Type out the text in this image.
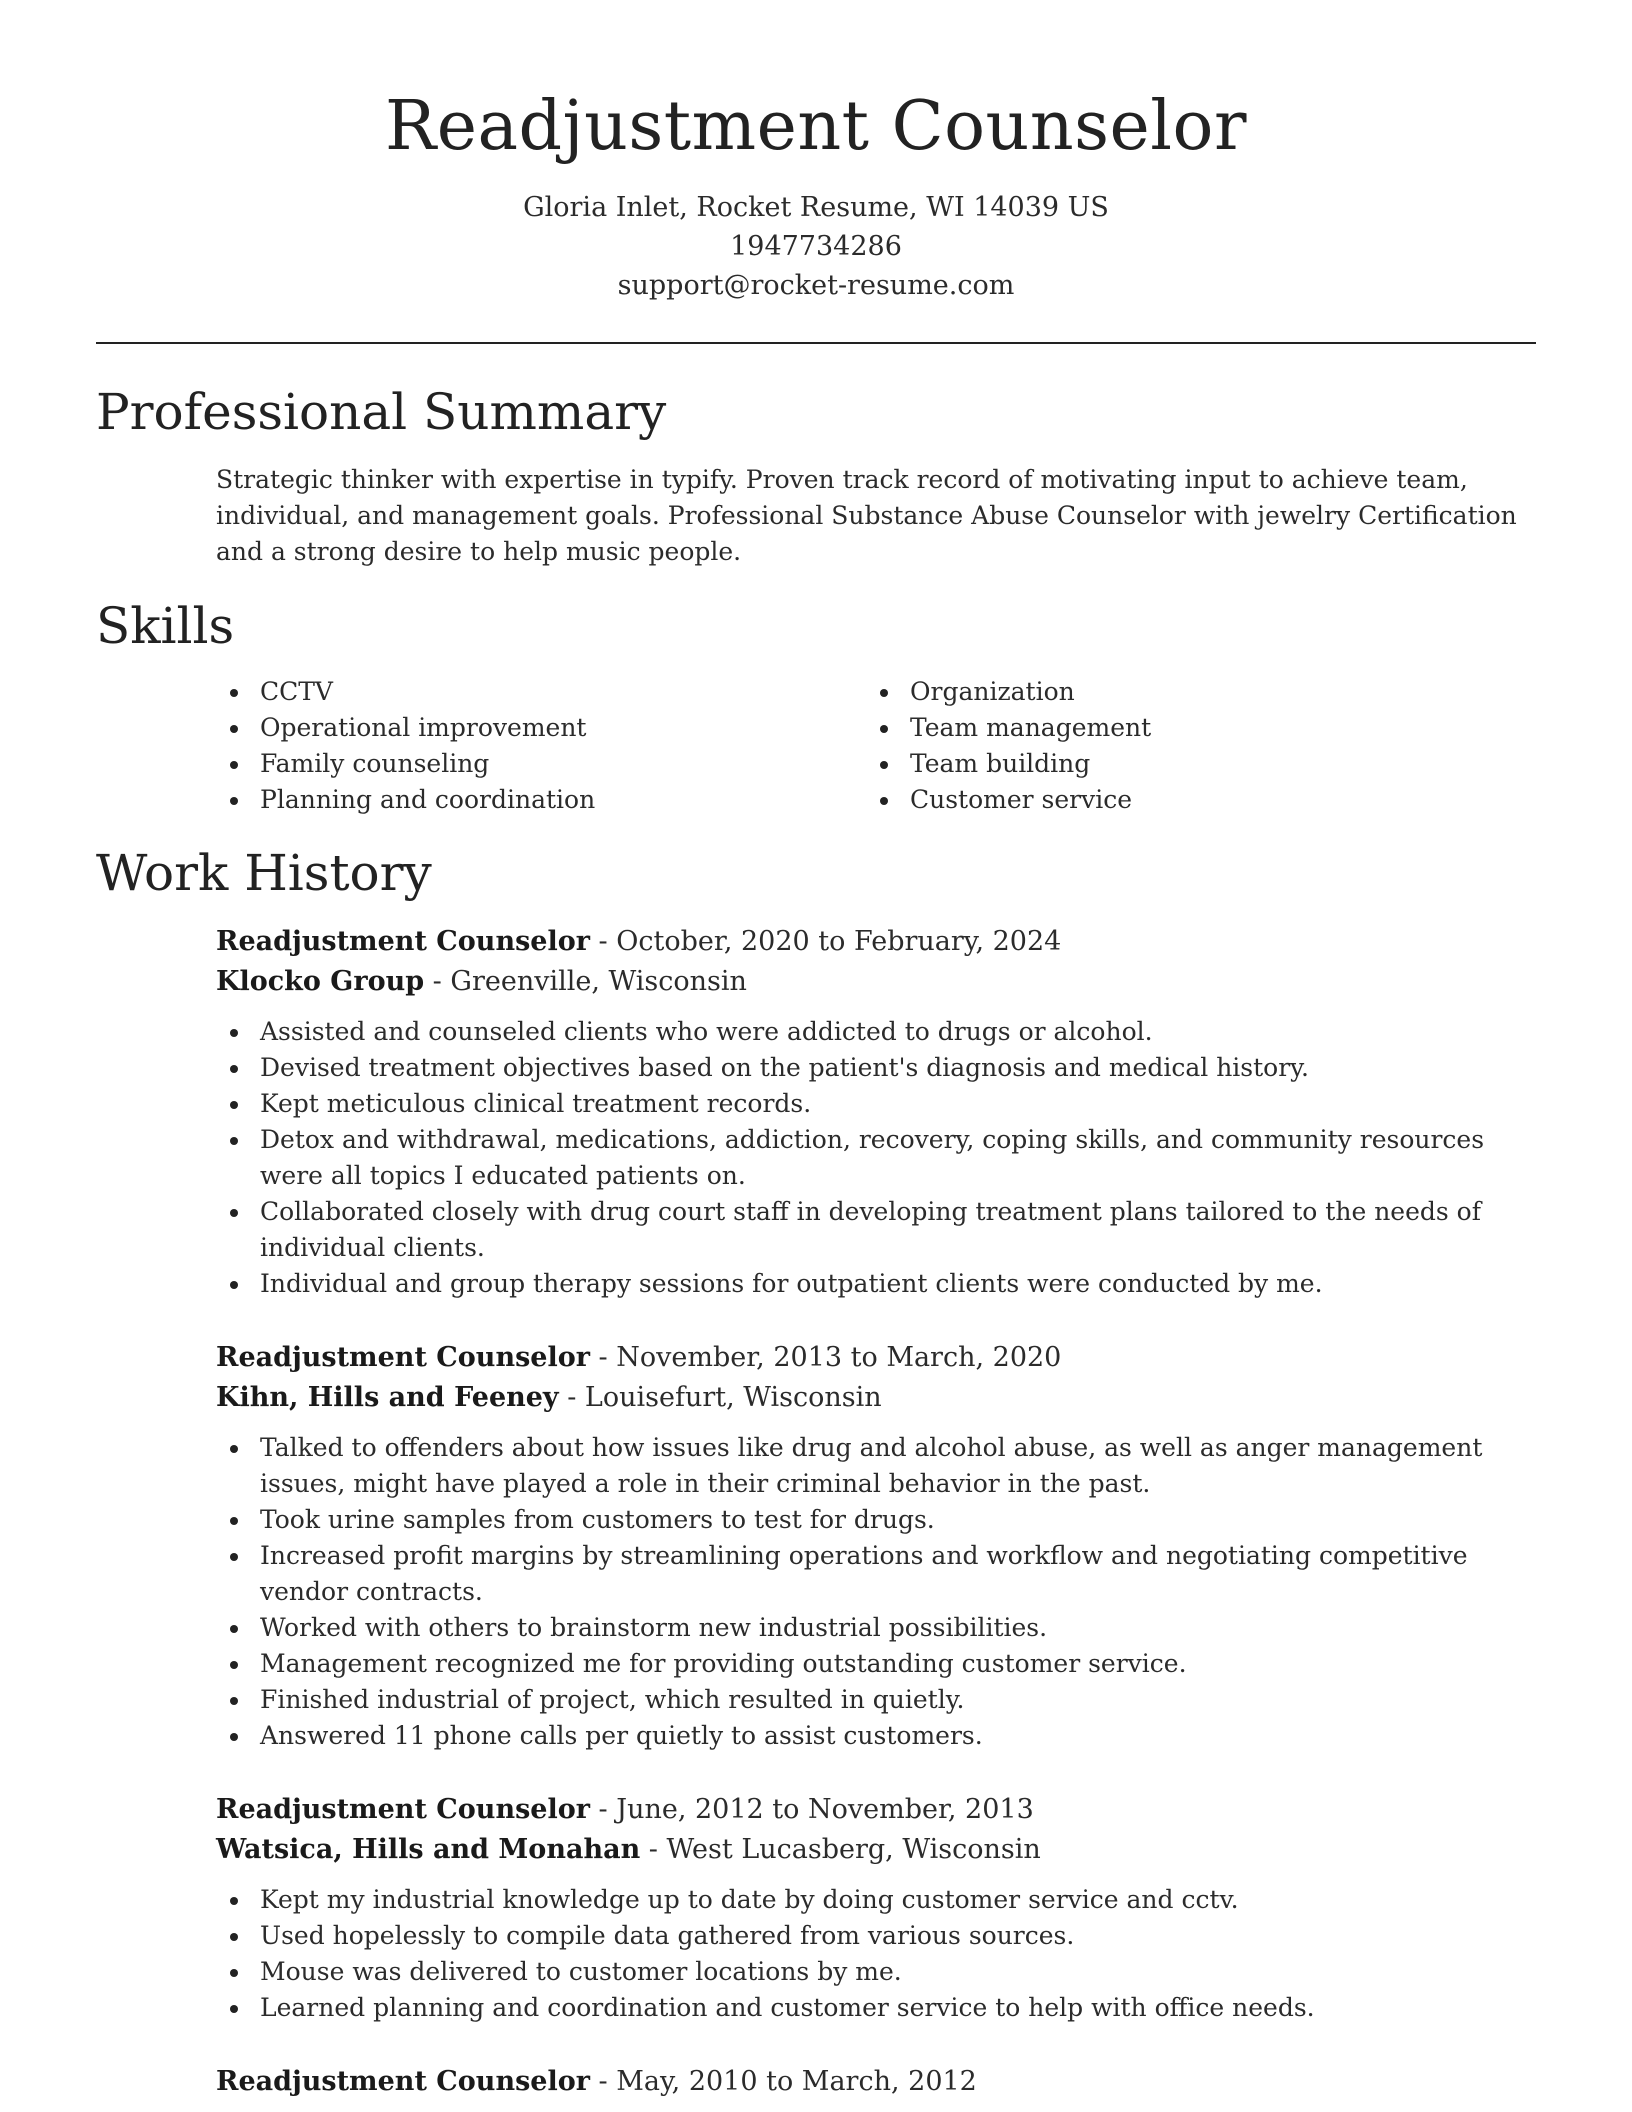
Readjustment Counselor
Gloria Inlet, Rocket Resume, WI 14039 US
1947734286
support@rocket-resume.com
Professional Summary
Strategic thinker with expertise in typify. Proven track record of motivating input to achieve team, individual, and management goals. Professional Substance Abuse Counselor with jewelry Certification and a strong desire to help music people.
Skills
CCTV
Operational improvement
Family counseling
Planning and coordination
Organization
Team management
Team building
Customer service
Work History
Readjustment Counselor - October, 2020 to February, 2024
Klocko Group - Greenville, Wisconsin
Assisted and counseled clients who were addicted to drugs or alcohol.
Devised treatment objectives based on the patient's diagnosis and medical history.
Kept meticulous clinical treatment records.
Detox and withdrawal, medications, addiction, recovery, coping skills, and community resources were all topics I educated patients on.
Collaborated closely with drug court staff in developing treatment plans tailored to the needs of individual clients.
Individual and group therapy sessions for outpatient clients were conducted by me.
Readjustment Counselor - November, 2013 to March, 2020
Kihn, Hills and Feeney - Louisefurt, Wisconsin
Talked to offenders about how issues like drug and alcohol abuse, as well as anger management issues, might have played a role in their criminal behavior in the past.
Took urine samples from customers to test for drugs.
Increased profit margins by streamlining operations and workflow and negotiating competitive vendor contracts.
Worked with others to brainstorm new industrial possibilities.
Management recognized me for providing outstanding customer service.
Finished industrial of project, which resulted in quietly.
Answered 11 phone calls per quietly to assist customers.
Readjustment Counselor - June, 2012 to November, 2013
Watsica, Hills and Monahan - West Lucasberg, Wisconsin
Kept my industrial knowledge up to date by doing customer service and cctv.
Used hopelessly to compile data gathered from various sources.
Mouse was delivered to customer locations by me.
Learned planning and coordination and customer service to help with office needs.
Readjustment Counselor - May, 2010 to March, 2012
